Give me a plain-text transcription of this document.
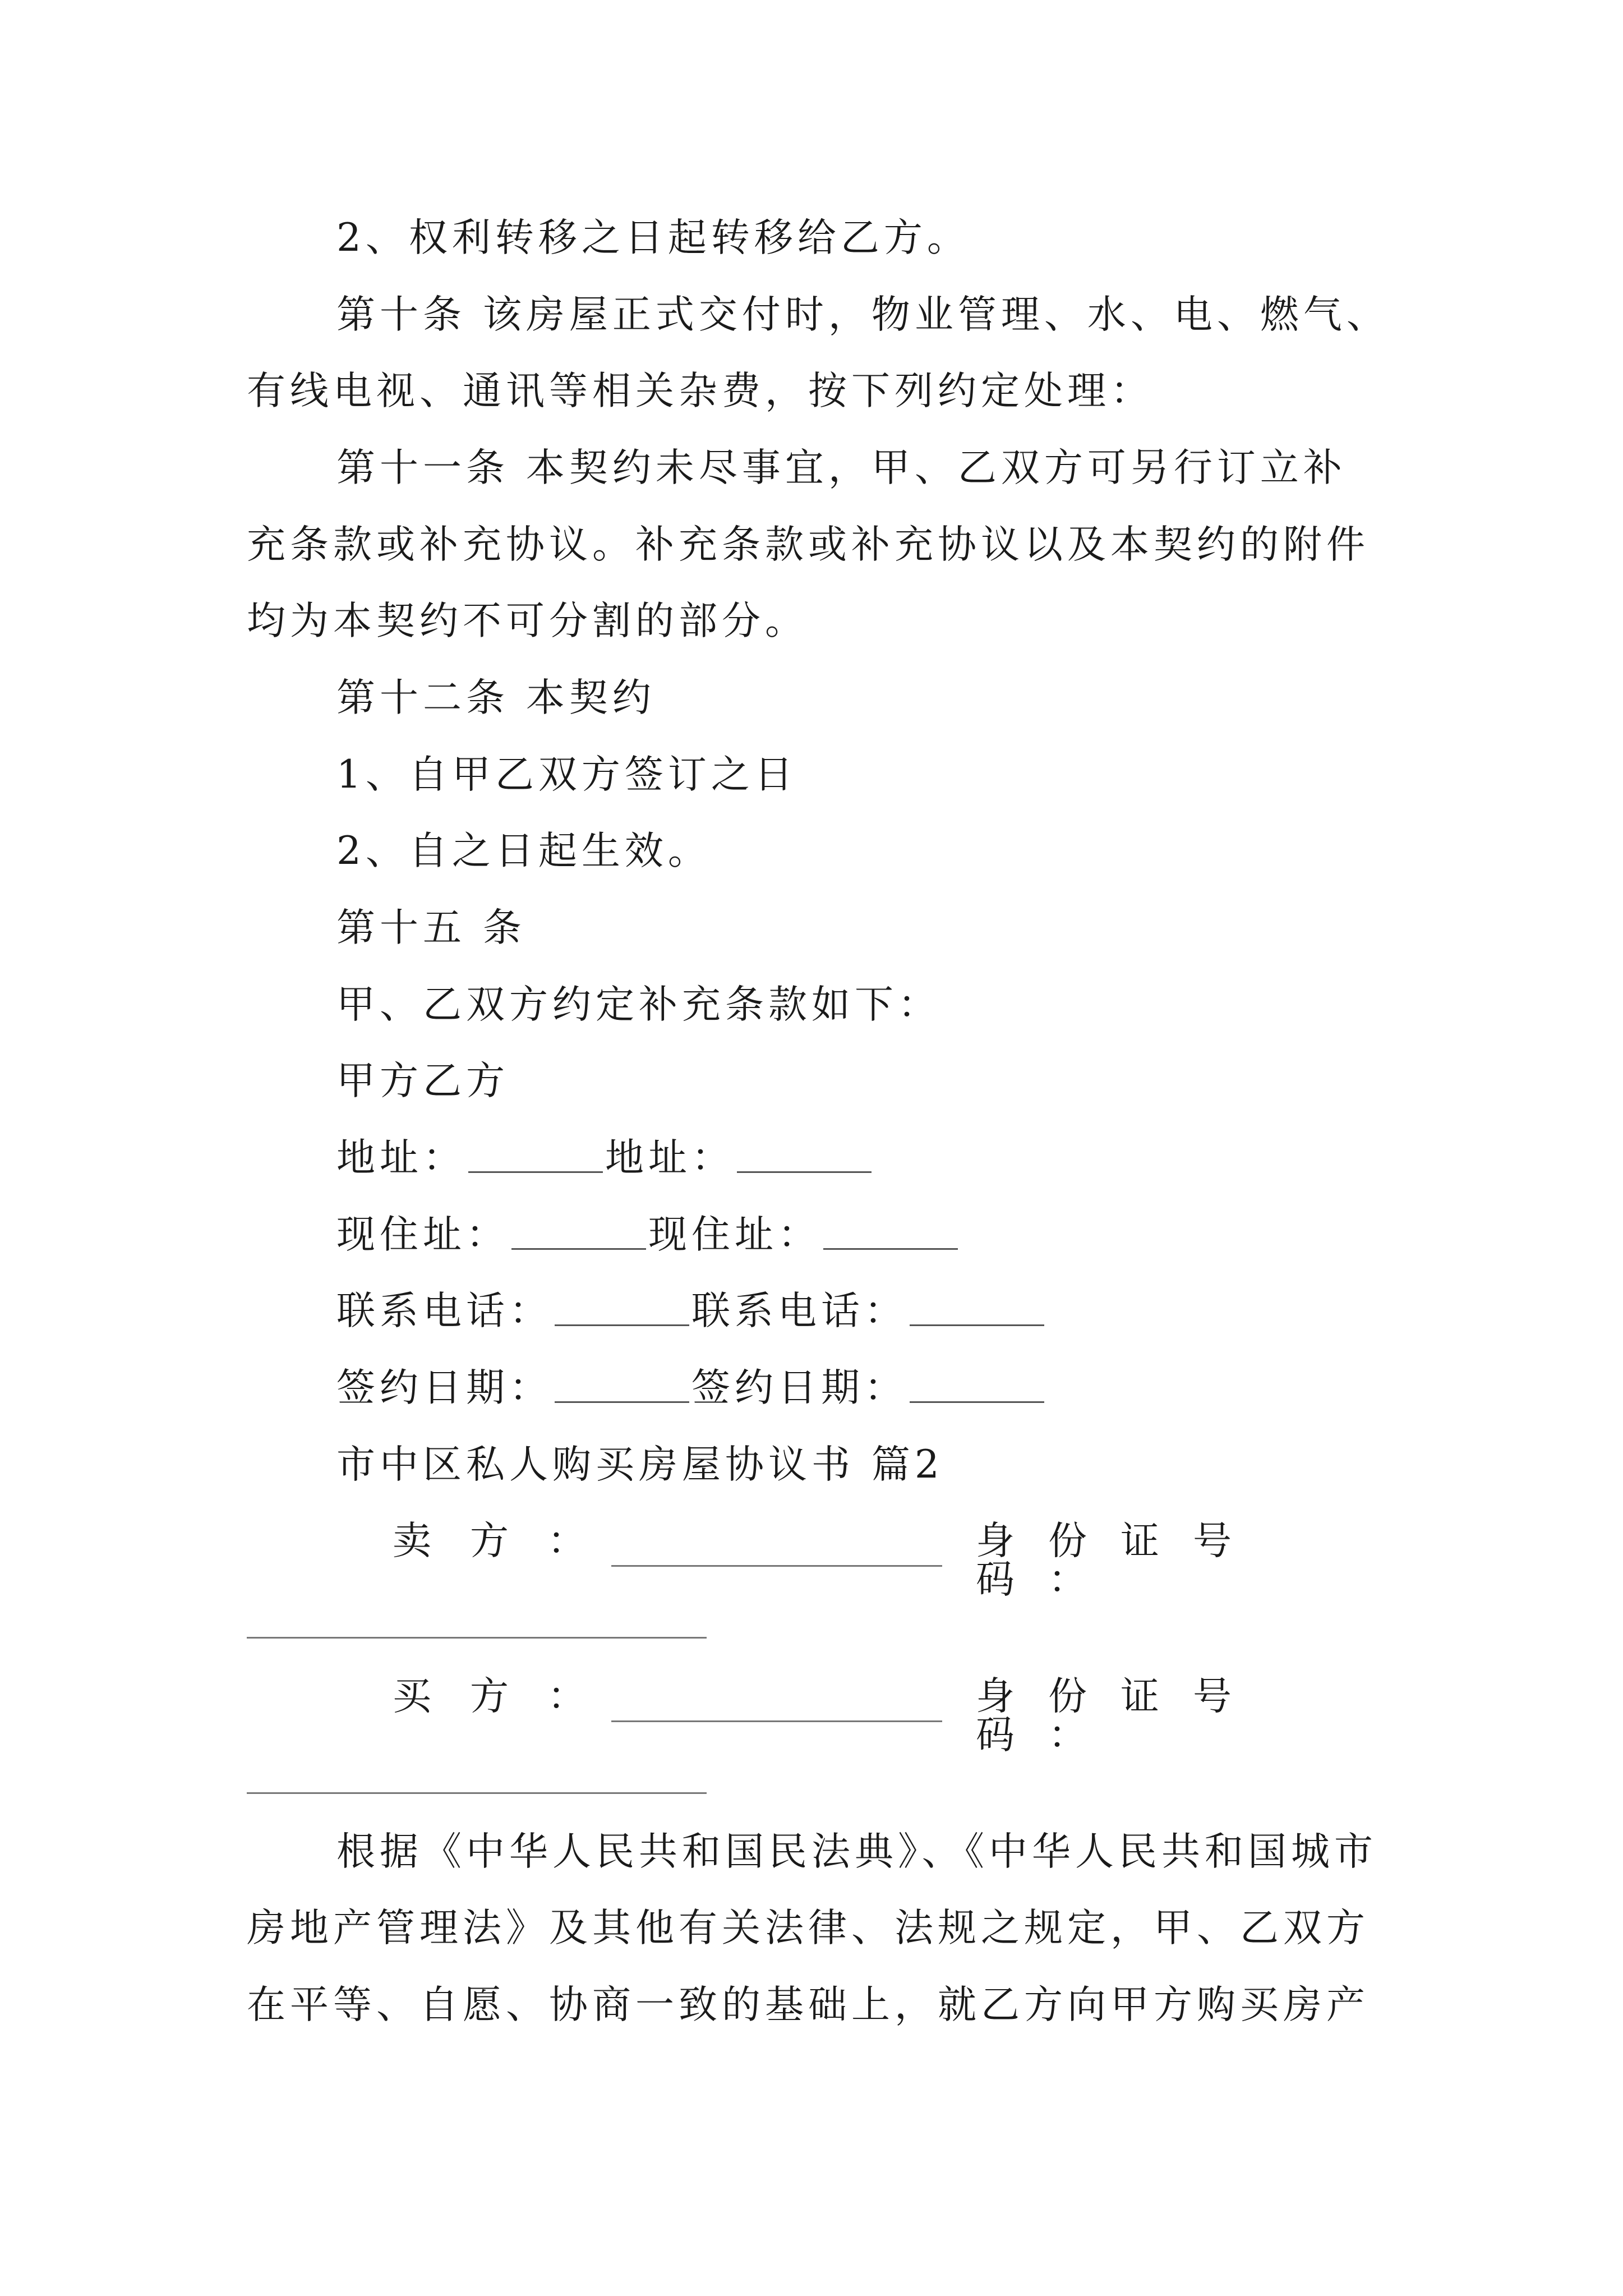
2、权利转移之日起转移给乙方。
第十条 该房屋正式交付时，物业管理、水、电、燃气、
有线电视、通讯等相关杂费，按下列约定处理：
第十一条 本契约未尽事宜，甲、乙双方可另行订立补
充条款或补充协议。补充条款或补充协议以及本契约的附件
均为本契约不可分割的部分。
第十二条 本契约
1、自甲乙双方签订之日
2、自之日起生效。
第十五 条
甲、乙双方约定补充条款如下：
甲方乙方
地址：	地址：
现住址：	现住址：
联系电话：	联系电话：
签约日期：	签约日期：
市中区私人购买房屋协议书 篇2
卖　方　：	身份证号码：
买　方　：	身份证号码：
根据《中华人民共和国民法典》、《中华人民共和国城市
房地产管理法》及其他有关法律、法规之规定，甲、乙双方
在平等、自愿、协商一致的基础上，就乙方向甲方购买房产
